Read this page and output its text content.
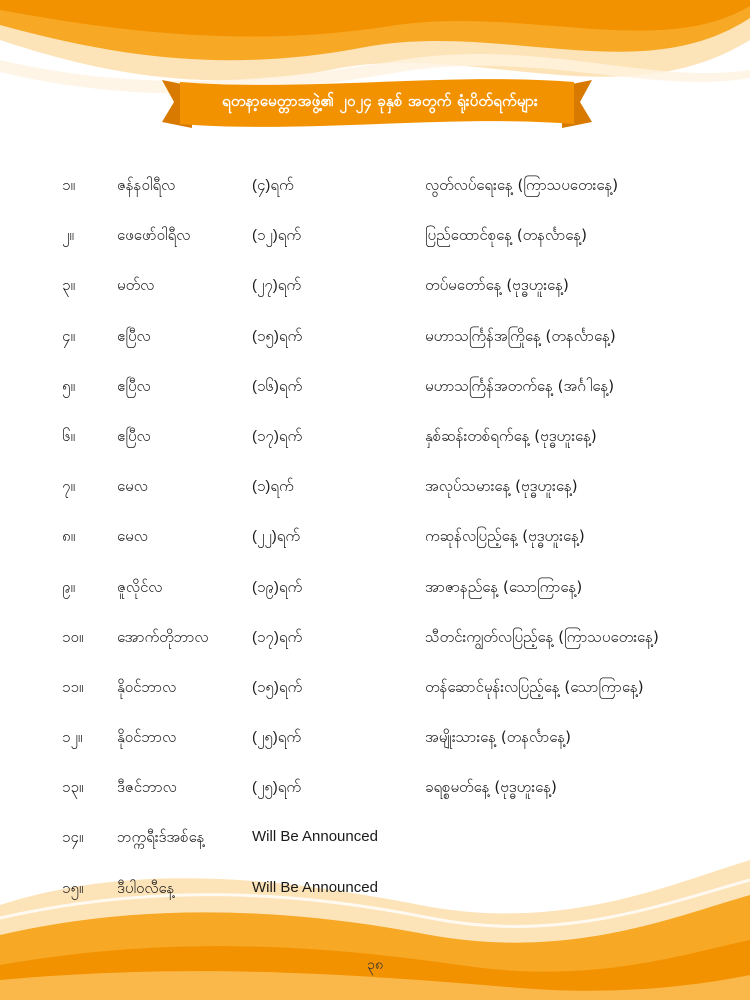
ရတနာ့မေတ္တာအဖွဲ့၏ ၂၀၂၄ ခုနှစ် အတွက် ရုံးပိတ်ရက်များ
၁။	ဇန်နဝါရီလ	(၄)ရက်	လွတ်လပ်ရေးနေ့ (ကြာသပတေးနေ့)
၂။	ဖေဖော်ဝါရီလ	(၁၂)ရက်	ပြည်ထောင်စုနေ့ (တနင်္လာနေ့)
၃။	မတ်လ	(၂၇)ရက်	တပ်မတော်နေ့ (ဗုဒ္ဓဟူးနေ့)
၄။	ဧပြီလ	(၁၅)ရက်	မဟာသင်္ကြန်အကြိုနေ့ (တနင်္လာနေ့)
၅။	ဧပြီလ	(၁၆)ရက်	မဟာသင်္ကြန်အတက်နေ့ (အင်္ဂါနေ့)
၆။	ဧပြီလ	(၁၇)ရက်	နှစ်ဆန်းတစ်ရက်နေ့ (ဗုဒ္ဓဟူးနေ့)
၇။	မေလ	(၁)ရက်	အလုပ်သမားနေ့ (ဗုဒ္ဓဟူးနေ့)
၈။	မေလ	(၂၂)ရက်	ကဆုန်လပြည့်နေ့ (ဗုဒ္ဓဟူးနေ့)
၉။	ဇူလိုင်လ	(၁၉)ရက်	အာဇာနည်နေ့ (သောကြာနေ့)
၁၀။ အောက်တိုဘာလ	(၁၇)ရက်	သီတင်းကျွတ်လပြည့်နေ့ (ကြာသပတေးနေ့)
၁၁။ နိုဝင်ဘာလ	(၁၅)ရက်	တန်ဆောင်မုန်းလပြည့်နေ့ (သောကြာနေ့)
၁၂။ နိုဝင်ဘာလ	(၂၅)ရက်	အမျိုးသားနေ့ (တနင်္လာနေ့)
၁၃။ ဒီဇင်ဘာလ	(၂၅)ရက်	ခရစ္စမတ်နေ့ (ဗုဒ္ဓဟူးနေ့)
၁၄။ ဘက္ကရီးဒ်အစ်နေ့	Will Be Announced
၁၅။ ဒီပါဝလီနေ့	Will Be Announced
၃၈
